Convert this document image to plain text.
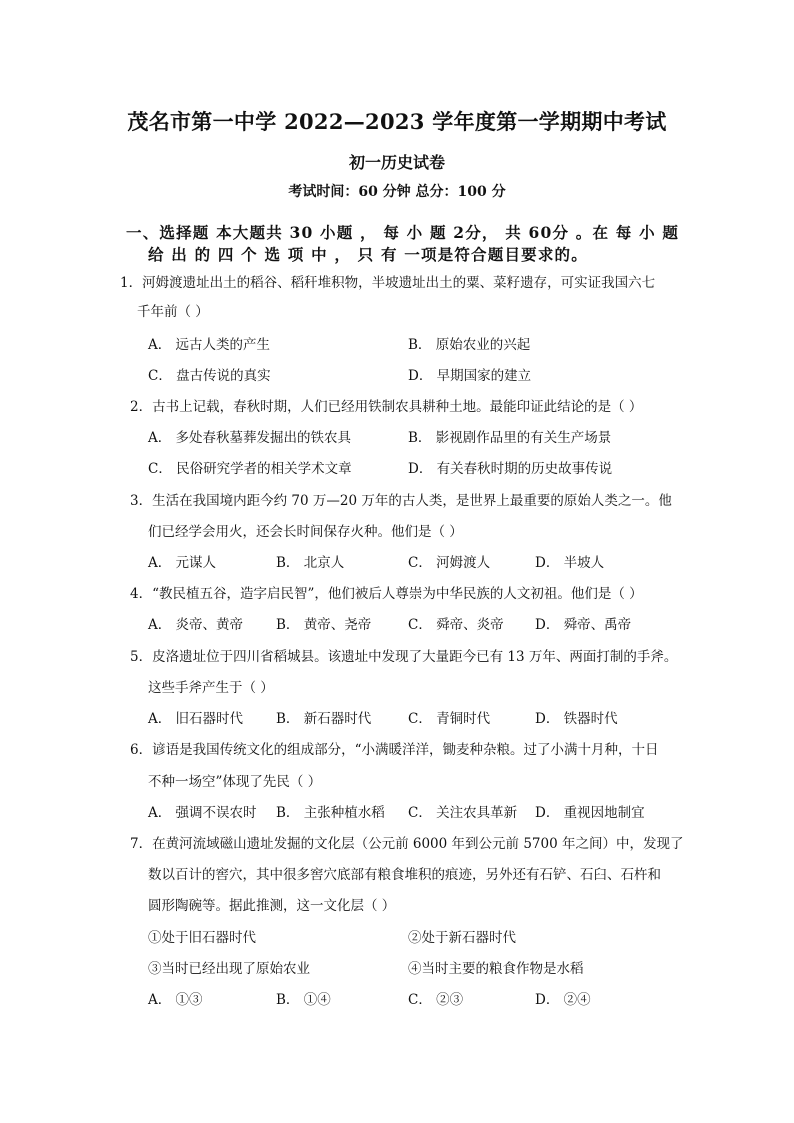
茂名市第一中学 2022—2023 学年度第一学期期中考试
初一历史试卷
考试时间：60 分钟 总分：100 分
一、选择题 本大题共 30 小题 ， 每 小 题 2分， 共 60分 。在 每 小 题
给 出 的 四 个 选 项 中 ， 只 有 一项是符合题目要求的。
1．河姆渡遗址出土的稻谷、稻秆堆积物，半坡遗址出土的粟、菜籽遗存，可实证我国六七
千年前（ ）
A． 远古人类的产生	B． 原始农业的兴起
C． 盘古传说的真实	D． 早期国家的建立
2．古书上记载，春秋时期，人们已经用铁制农具耕种土地。最能印证此结论的是（ ）
A． 多处春秋墓葬发掘出的铁农具	B． 影视剧作品里的有关生产场景
C． 民俗研究学者的相关学术文章	D． 有关春秋时期的历史故事传说
3．生活在我国境内距今约 70 万—20 万年的古人类，是世界上最重要的原始人类之一。他
们已经学会用火，还会长时间保存火种。他们是（ ）
A． 元谋人	B． 北京人	C． 河姆渡人	D． 半坡人
4．“教民植五谷，造字启民智”，他们被后人尊崇为中华民族的人文初祖。他们是（ ）
A． 炎帝、黄帝 B． 黄帝、尧帝	C． 舜帝、炎帝 D． 舜帝、禹帝
5．皮洛遗址位于四川省稻城县。该遗址中发现了大量距今已有 13 万年、两面打制的手斧。
这些手斧产生于（ ）
A． 旧石器时代 B． 新石器时代	C． 青铜时代	D． 铁器时代
6．谚语是我国传统文化的组成部分，“小满暖洋洋，锄麦种杂粮。过了小满十月种，十日
不种一场空”体现了先民（ ）
A． 强调不误农时 B． 主张种植水稻 C． 关注农具革新 D． 重视因地制宜
7．在黄河流域磁山遗址发掘的文化层（公元前 6000 年到公元前 5700 年之间）中，发现了
数以百计的窖穴，其中很多窖穴底部有粮食堆积的痕迹，另外还有石铲、石臼、石杵和
圆形陶碗等。据此推测，这一文化层（ ）
①处于旧石器时代	②处于新石器时代
③当时已经出现了原始农业	④当时主要的粮食作物是水稻
A． ①③	B． ①④	C． ②③	D． ②④
